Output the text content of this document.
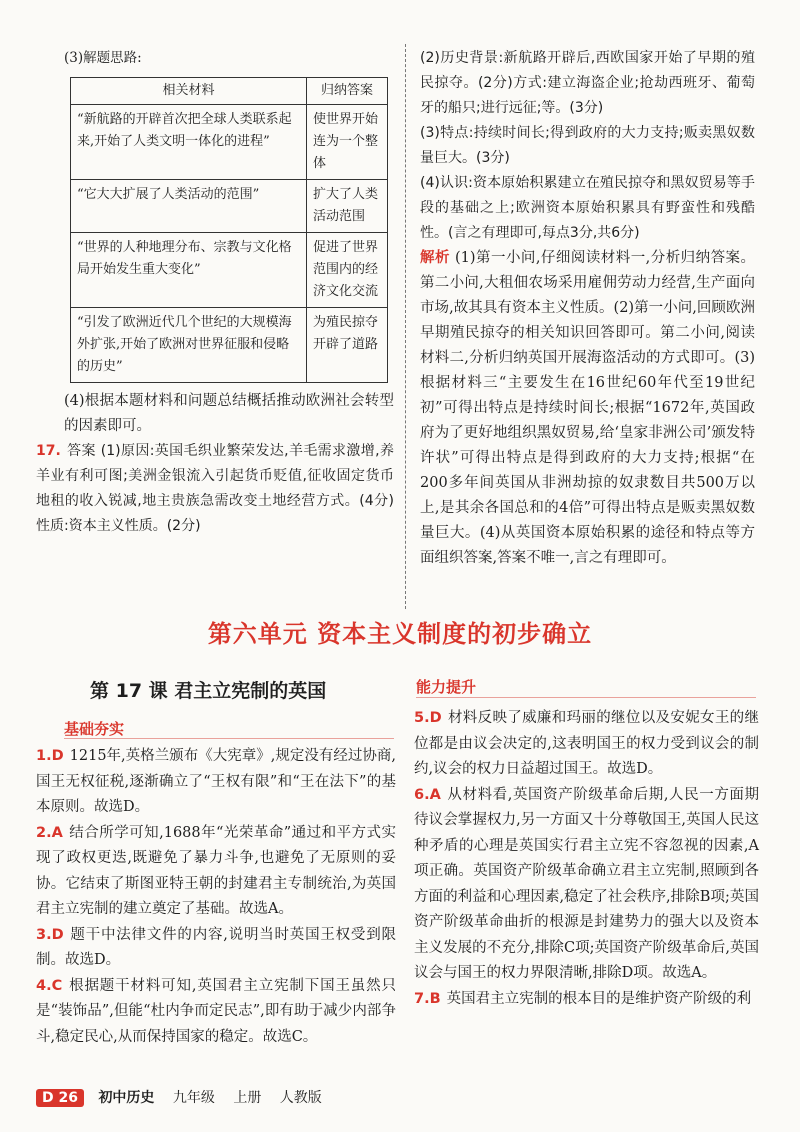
(3)解题思路:
相关材料	归纳答案
“新航路的开辟首次把全球人类联系起来,开始了人类文明一体化的进程”	使世界开始连为一个整体
“它大大扩展了人类活动的范围”	扩大了人类活动范围
“世界的人种地理分布、宗教与文化格局开始发生重大变化”	促进了世界范围内的经济文化交流
“引发了欧洲近代几个世纪的大规模海外扩张,开始了欧洲对世界征服和侵略的历史”	为殖民掠夺开辟了道路

(4)根据本题材料和问题总结概括推动欧洲社会转型的因素即可。

17. 答案 (1)原因:英国毛织业繁荣发达,羊毛需求激增,养羊业有利可图;美洲金银流入引起货币贬值,征收固定货币地租的收入锐减,地主贵族急需改变土地经营方式。(4分)性质:资本主义性质。(2分)

(2)历史背景:新航路开辟后,西欧国家开始了早期的殖民掠夺。(2分)方式:建立海盗企业;抢劫西班牙、葡萄牙的船只;进行远征;等。(3分)

(3)特点:持续时间长;得到政府的大力支持;贩卖黑奴数量巨大。(3分)

(4)认识:资本原始积累建立在殖民掠夺和黑奴贸易等手段的基础之上;欧洲资本原始积累具有野蛮性和残酷性。(言之有理即可,每点3分,共6分)

解析 (1)第一小问,仔细阅读材料一,分析归纳答案。第二小问,大租佃农场采用雇佣劳动力经营,生产面向市场,故其具有资本主义性质。(2)第一小问,回顾欧洲早期殖民掠夺的相关知识回答即可。第二小问,阅读材料二,分析归纳英国开展海盗活动的方式即可。(3)根据材料三“主要发生在16世纪60年代至19世纪初”可得出特点是持续时间长;根据“1672年,英国政府为了更好地组织黑奴贸易,给‘皇家非洲公司’颁发特许状”可得出特点是得到政府的大力支持;根据“在200多年间英国从非洲劫掠的奴隶数目共500万以上,是其余各国总和的4倍”可得出特点是贩卖黑奴数量巨大。(4)从英国资本原始积累的途径和特点等方面组织答案,答案不唯一,言之有理即可。

第六单元 资本主义制度的初步确立
第 17 课 君主立宪制的英国
基础夯实
能力提升

1.D 1215年,英格兰颁布《大宪章》,规定没有经过协商,国王无权征税,逐渐确立了“王权有限”和“王在法下”的基本原则。故选D。

2.A 结合所学可知,1688年“光荣革命”通过和平方式实现了政权更迭,既避免了暴力斗争,也避免了无原则的妥协。它结束了斯图亚特王朝的封建君主专制统治,为英国君主立宪制的建立奠定了基础。故选A。

3.D 题干中法律文件的内容,说明当时英国王权受到限制。故选D。

4.C 根据题干材料可知,英国君主立宪制下国王虽然只是“装饰品”,但能“杜内争而定民志”,即有助于减少内部争斗,稳定民心,从而保持国家的稳定。故选C。

5.D 材料反映了威廉和玛丽的继位以及安妮女王的继位都是由议会决定的,这表明国王的权力受到议会的制约,议会的权力日益超过国王。故选D。

6.A 从材料看,英国资产阶级革命后期,人民一方面期待议会掌握权力,另一方面又十分尊敬国王,英国人民这种矛盾的心理是英国实行君主立宪不容忽视的因素,A项正确。英国资产阶级革命确立君主立宪制,照顾到各方面的利益和心理因素,稳定了社会秩序,排除B项;英国资产阶级革命曲折的根源是封建势力的强大以及资本主义发展的不充分,排除C项;英国资产阶级革命后,英国议会与国王的权力界限清晰,排除D项。故选A。

7.B 英国君主立宪制的根本目的是维护资产阶级的利

D 26 初中历史 九年级 上册 人教版
